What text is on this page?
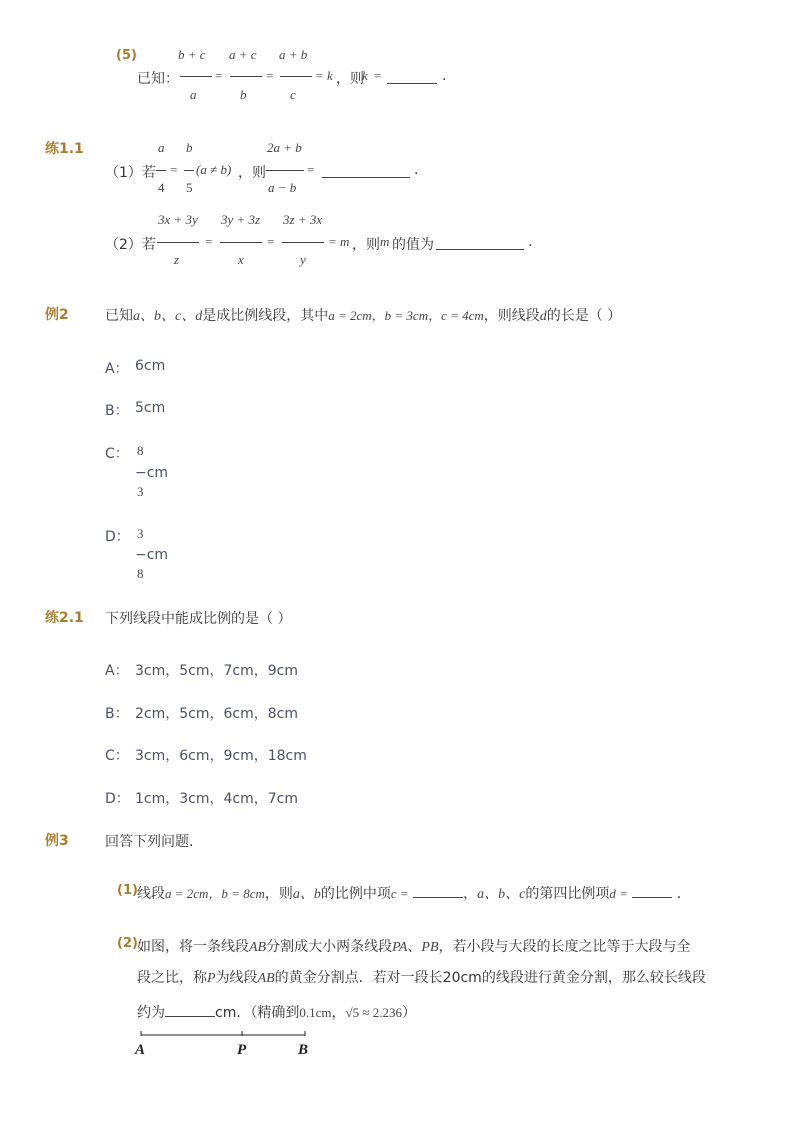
(5)
已知：
b + c
a
=
a + c
b
=
a + b
c
= k ，则
k =	.
练1.1
（1）若
a
4
=
b
5
(a ≠ b) ，则
2a + b
a − b
=	.
（2）若
3x + 3y
z
=
3y + 3z
x
=
3z + 3x
y
= m ，则 m 的值为	.
例2	已知a、b、c、d是成比例线段，其中a = 2cm，b = 3cm，c = 4cm，则线段d的长是（ ）
A： 6cm
B： 5cm
C： 8
−cm
3
D： 3
−cm
8
练2.1 下列线段中能成比例的是（ ）
A： 3cm，5cm，7cm，9cm
B： 2cm，5cm，6cm，8cm
C： 3cm，6cm，9cm，18cm
D： 1cm，3cm，4cm，7cm
例3	回答下列问题.
(1) 线段a = 2cm，b = 8cm，则a、b的比例中项c =	，a、b、c的第四比例项d =	.
(2) 如图，将一条线段AB分割成大小两条线段PA、PB，若小段与大段的长度之比等于大段与全
段之比，称P为线段AB的黄金分割点．若对一段长20cm的线段进行黄金分割，那么较长线段
约为	cm．（精确到0.1cm，√5 ≈ 2.236）
A	P	B
